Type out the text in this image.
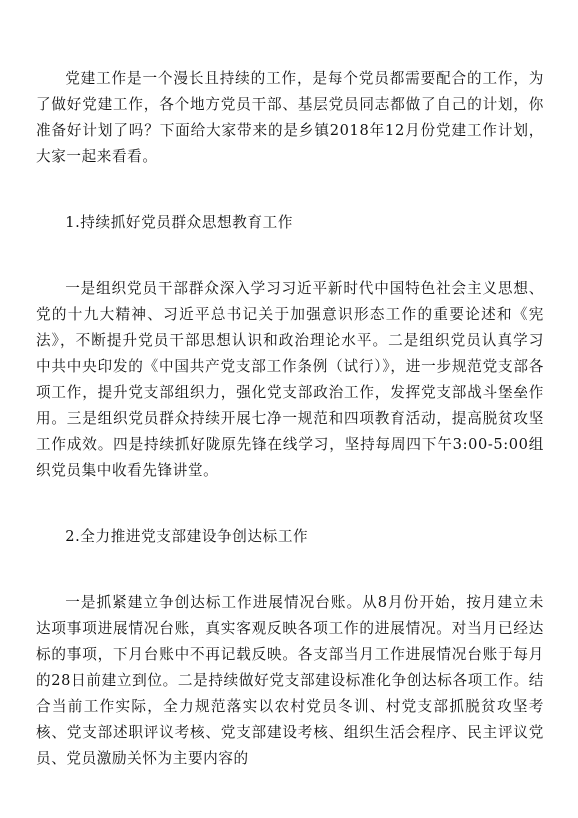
党建工作是一个漫长且持续的工作，是每个党员都需要配合的工作，为了做好党建工作，各个地方党员干部、基层党员同志都做了自己的计划，你准备好计划了吗？下面给大家带来的是乡镇2018年12月份党建工作计划，大家一起来看看。

1.持续抓好党员群众思想教育工作

一是组织党员干部群众深入学习习近平新时代中国特色社会主义思想、党的十九大精神、习近平总书记关于加强意识形态工作的重要论述和《宪法》，不断提升党员干部思想认识和政治理论水平。二是组织党员认真学习中共中央印发的《中国共产党支部工作条例（试行）》，进一步规范党支部各项工作，提升党支部组织力，强化党支部政治工作，发挥党支部战斗堡垒作用。三是组织党员群众持续开展七净一规范和四项教育活动，提高脱贫攻坚工作成效。四是持续抓好陇原先锋在线学习，坚持每周四下午3:00-5:00组织党员集中收看先锋讲堂。

2.全力推进党支部建设争创达标工作

一是抓紧建立争创达标工作进展情况台账。从8月份开始，按月建立未达项事项进展情况台账，真实客观反映各项工作的进展情况。对当月已经达标的事项，下月台账中不再记载反映。各支部当月工作进展情况台账于每月的28日前建立到位。二是持续做好党支部建设标准化争创达标各项工作。结合当前工作实际，全力规范落实以农村党员冬训、村党支部抓脱贫攻坚考核、党支部述职评议考核、党支部建设考核、组织生活会程序、民主评议党员、党员激励关怀为主要内容的
